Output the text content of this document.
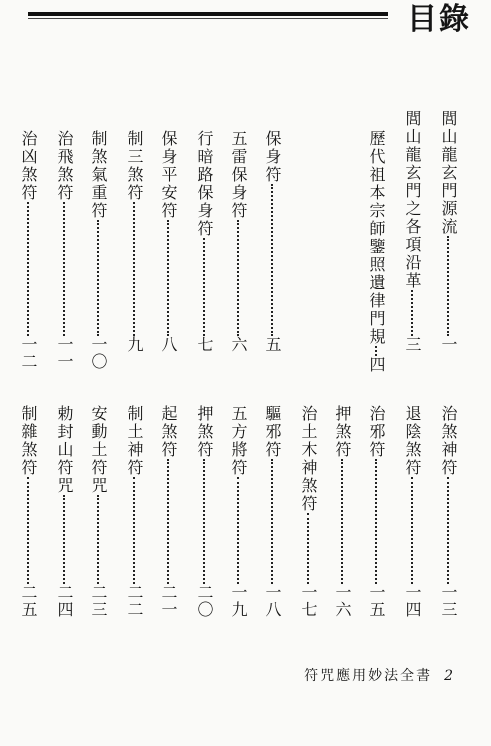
目錄
閭山龍玄門源流一
閭山龍玄門之各項沿革三
歷代祖本宗師鑒照遺律門規四
保身符五
五雷保身符六
行暗路保身符七
保身平安符八
制三煞符九
制煞氣重符一〇
治飛煞符一一
治凶煞符一二
治煞神符一三
退陰煞符一四
治邪符一五
押煞符一六
治土木神煞符一七
驅邪符一八
五方將符一九
押煞符二〇
起煞符二一
制土神符二二
安動土符咒二三
勅封山符咒二四
制雜煞符二五
符咒應用妙法全書 2
